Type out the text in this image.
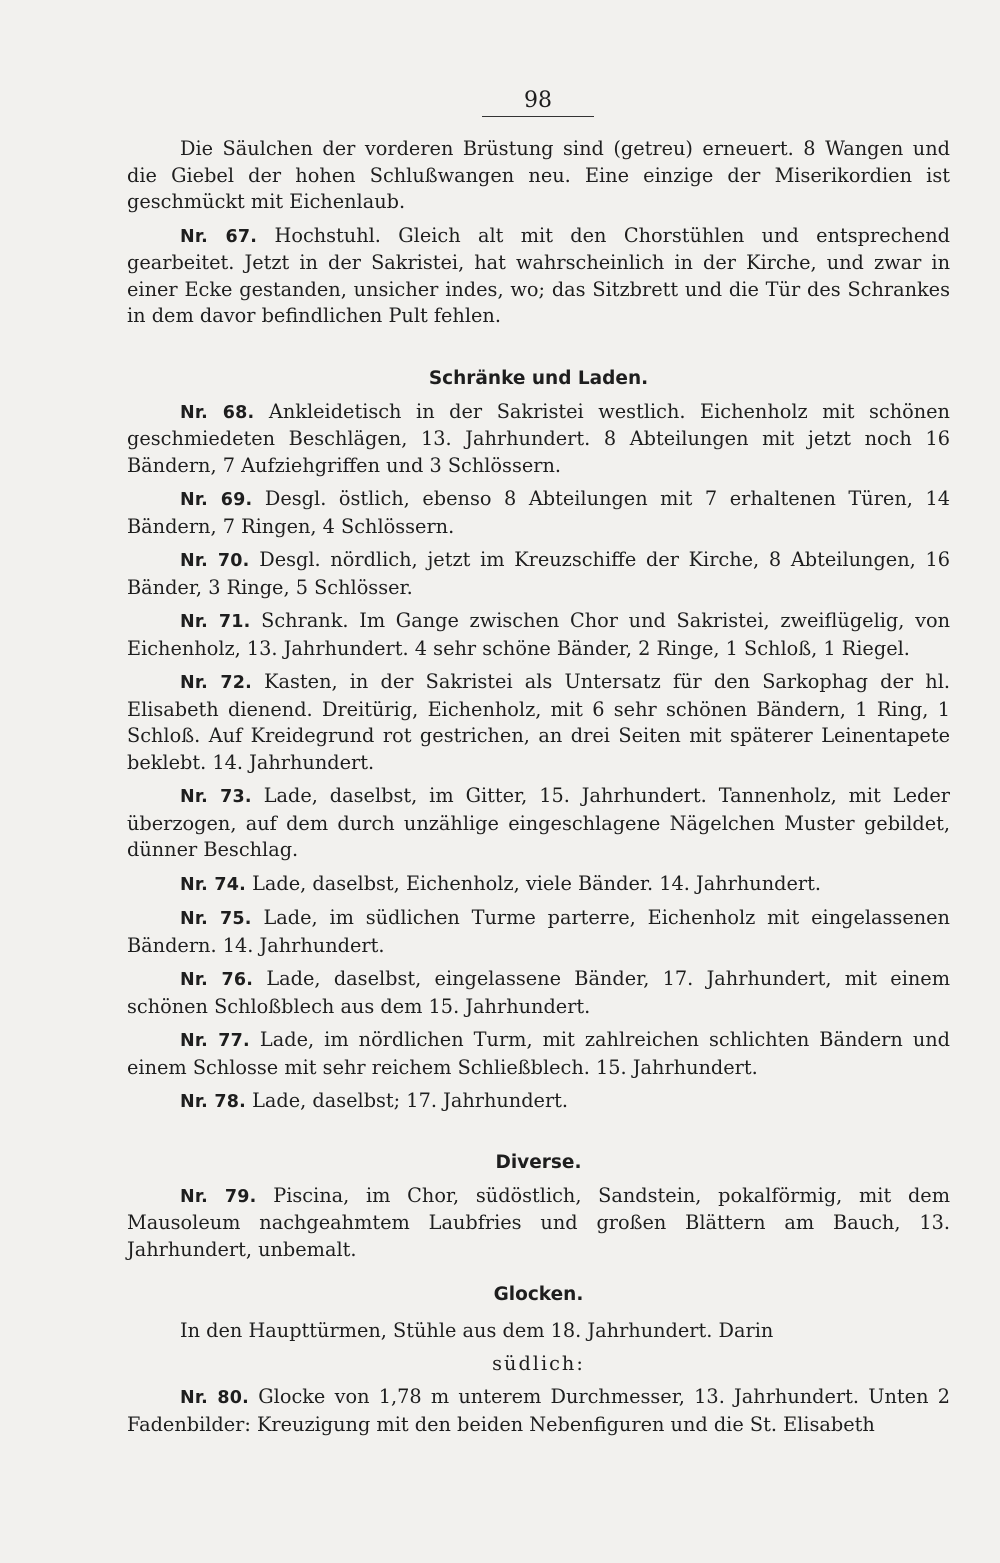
98

Die Säulchen der vorderen Brüstung sind (getreu) erneuert. 8 Wangen und die Giebel der hohen Schlußwangen neu. Eine einzige der Miserikordien ist geschmückt mit Eichenlaub.

Nr. 67. Hochstuhl. Gleich alt mit den Chorstühlen und entsprechend gearbeitet. Jetzt in der Sakristei, hat wahrscheinlich in der Kirche, und zwar in einer Ecke gestanden, unsicher indes, wo; das Sitzbrett und die Tür des Schrankes in dem davor befindlichen Pult fehlen.

Schränke und Laden.

Nr. 68. Ankleidetisch in der Sakristei westlich. Eichenholz mit schönen geschmiedeten Beschlägen, 13. Jahrhundert. 8 Abteilungen mit jetzt noch 16 Bändern, 7 Aufziehgriffen und 3 Schlössern.

Nr. 69. Desgl. östlich, ebenso 8 Abteilungen mit 7 erhaltenen Türen, 14 Bändern, 7 Ringen, 4 Schlössern.

Nr. 70. Desgl. nördlich, jetzt im Kreuzschiffe der Kirche, 8 Abteilungen, 16 Bänder, 3 Ringe, 5 Schlösser.

Nr. 71. Schrank. Im Gange zwischen Chor und Sakristei, zweiflügelig, von Eichenholz, 13. Jahrhundert. 4 sehr schöne Bänder, 2 Ringe, 1 Schloß, 1 Riegel.

Nr. 72. Kasten, in der Sakristei als Untersatz für den Sarkophag der hl. Elisabeth dienend. Dreitürig, Eichenholz, mit 6 sehr schönen Bändern, 1 Ring, 1 Schloß. Auf Kreidegrund rot gestrichen, an drei Seiten mit späterer Leinentapete beklebt. 14. Jahrhundert.

Nr. 73. Lade, daselbst, im Gitter, 15. Jahrhundert. Tannenholz, mit Leder überzogen, auf dem durch unzählige eingeschlagene Nägelchen Muster gebildet, dünner Beschlag.

Nr. 74. Lade, daselbst, Eichenholz, viele Bänder. 14. Jahrhundert.

Nr. 75. Lade, im südlichen Turme parterre, Eichenholz mit eingelassenen Bändern. 14. Jahrhundert.

Nr. 76. Lade, daselbst, eingelassene Bänder, 17. Jahrhundert, mit einem schönen Schloßblech aus dem 15. Jahrhundert.

Nr. 77. Lade, im nördlichen Turm, mit zahlreichen schlichten Bändern und einem Schlosse mit sehr reichem Schließblech. 15. Jahrhundert.

Nr. 78. Lade, daselbst; 17. Jahrhundert.

Diverse.

Nr. 79. Piscina, im Chor, südöstlich, Sandstein, pokalförmig, mit dem Mausoleum nachgeahmtem Laubfries und großen Blättern am Bauch, 13. Jahrhundert, unbemalt.

Glocken.

In den Haupttürmen, Stühle aus dem 18. Jahrhundert. Darin

südlich:

Nr. 80. Glocke von 1,78 m unterem Durchmesser, 13. Jahrhundert. Unten 2 Fadenbilder: Kreuzigung mit den beiden Nebenfiguren und die St. Elisabeth
